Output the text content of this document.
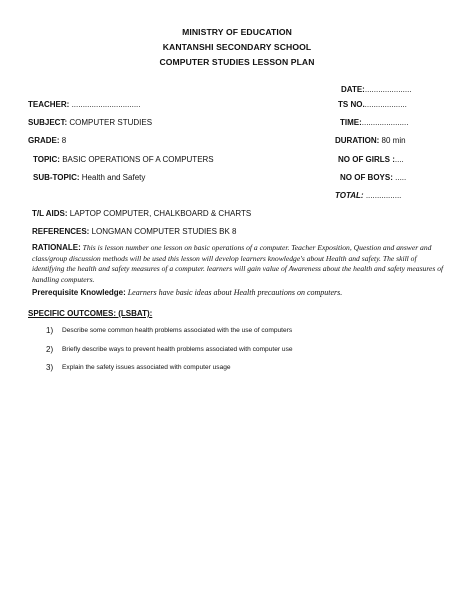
MINISTRY OF EDUCATION
KANTANSHI SECONDARY SCHOOL
COMPUTER STUDIES LESSON PLAN
DATE:.....................
TEACHER: ...............................	TS NO....................
SUBJECT: COMPUTER STUDIES	TIME:.....................
GRADE: 8	DURATION: 80 min
TOPIC: BASIC OPERATIONS OF A COMPUTERS	NO OF GIRLS :....
SUB-TOPIC: Health and Safety	NO OF BOYS: .....
TOTAL: ................
T/L AIDS: LAPTOP COMPUTER, CHALKBOARD & CHARTS
REFERENCES: LONGMAN COMPUTER STUDIES BK 8
RATIONALE: This is lesson number one lesson on basic operations of a computer. Teacher Exposition, Question and answer and class/group discussion methods will be used this lesson will develop learners knowledge's about Health and safety. The skill of identifying the health and safety measures of a computer. learners will gain value of Awareness about the health and safety measures of handling computers.
Prerequisite Knowledge: Learners have basic ideas about Health precautions on computers.
SPECIFIC OUTCOMES: (LSBAT):
1) Describe some common health problems associated with the use of computers
2) Briefly describe ways to prevent health problems associated with computer use
3) Explain the safety issues associated with computer usage
